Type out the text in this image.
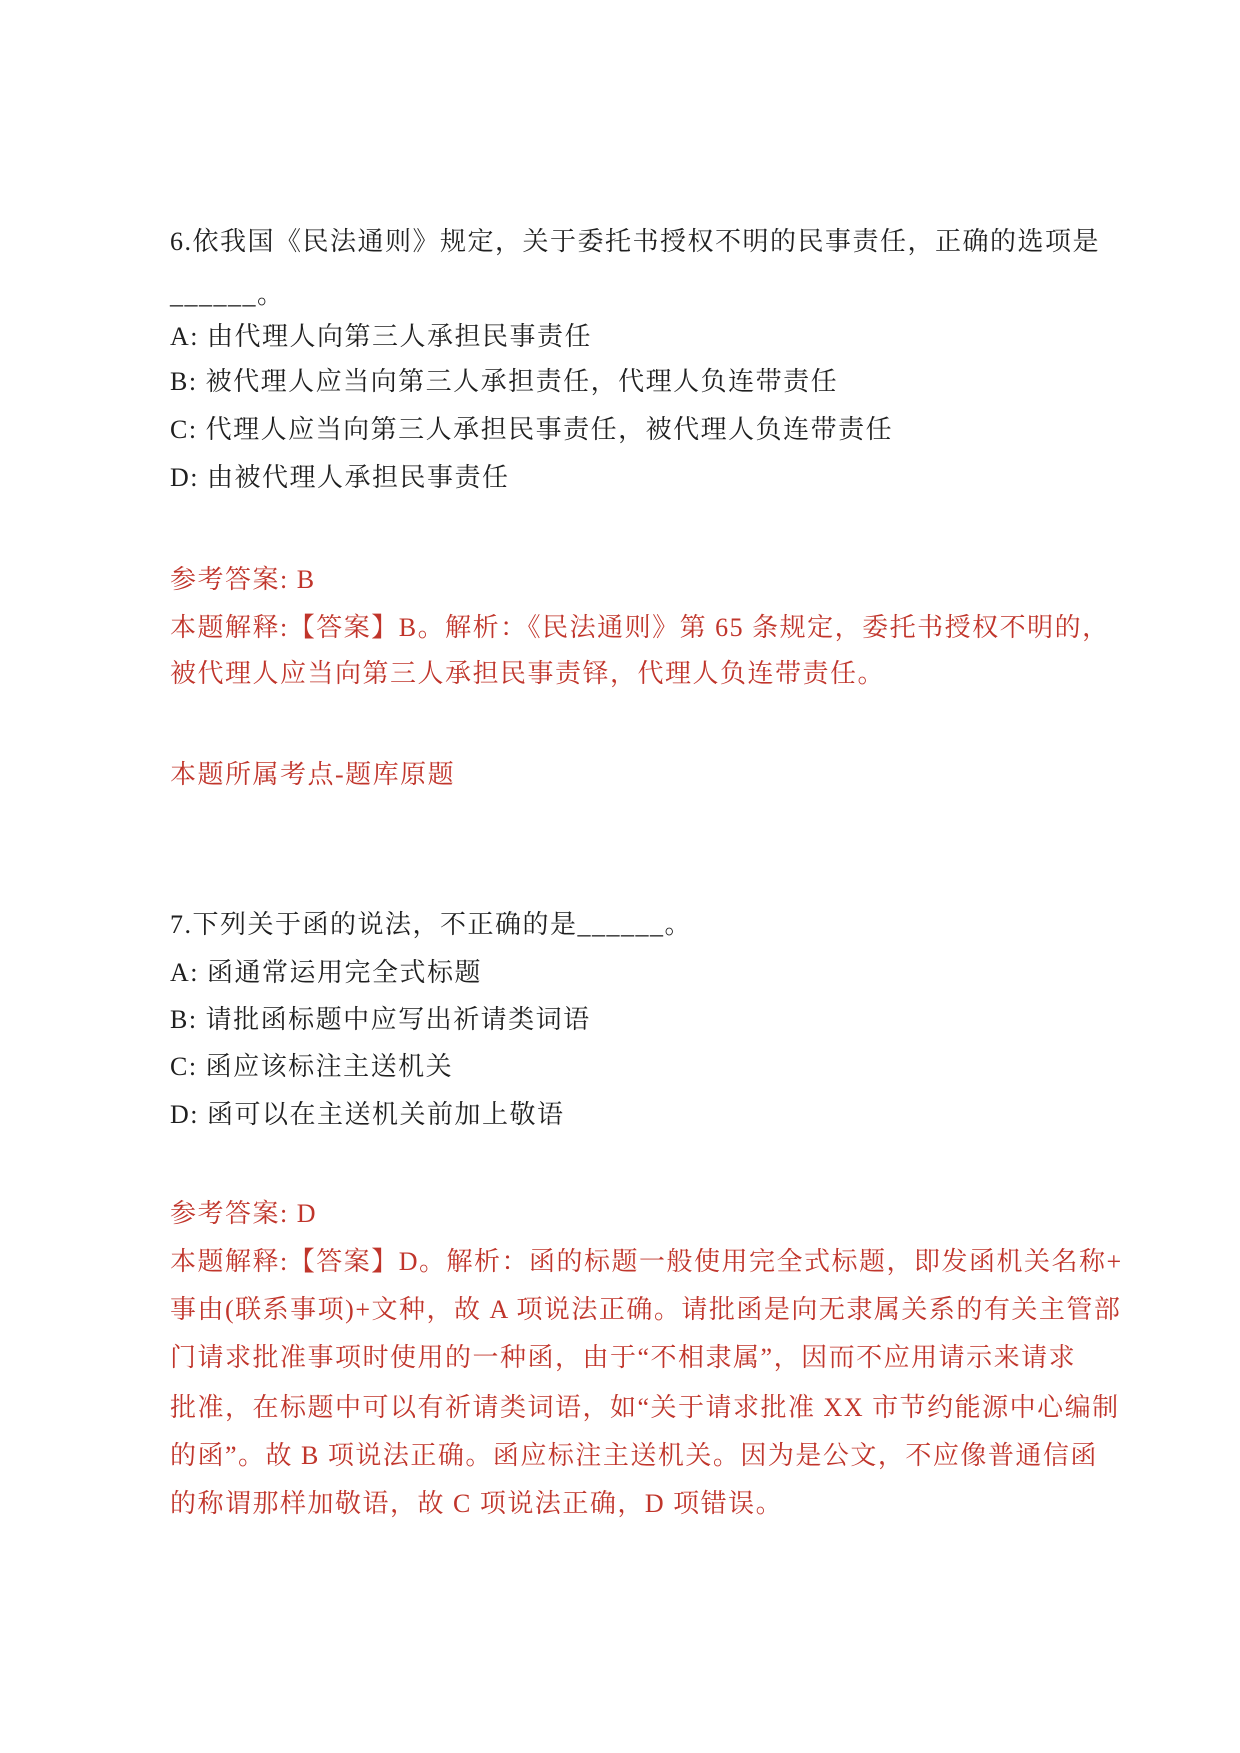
6.依我国《民法通则》规定，关于委托书授权不明的民事责任，正确的选项是
______。
A: 由代理人向第三人承担民事责任
B: 被代理人应当向第三人承担责任，代理人负连带责任
C: 代理人应当向第三人承担民事责任，被代理人负连带责任
D: 由被代理人承担民事责任
参考答案: B
本题解释:【答案】B。解析：《民法通则》第 65 条规定，委托书授权不明的，
被代理人应当向第三人承担民事责铎，代理人负连带责任。
本题所属考点-题库原题
7.下列关于函的说法，不正确的是______。
A: 函通常运用完全式标题
B: 请批函标题中应写出祈请类词语
C: 函应该标注主送机关
D: 函可以在主送机关前加上敬语
参考答案: D
本题解释:【答案】D。解析：函的标题一般使用完全式标题，即发函机关名称+
事由(联系事项)+文种，故 A 项说法正确。请批函是向无隶属关系的有关主管部
门请求批准事项时使用的一种函，由于“不相隶属”，因而不应用请示来请求
批准，在标题中可以有祈请类词语，如“关于请求批准 XX 市节约能源中心编制
的函”。故 B 项说法正确。函应标注主送机关。因为是公文，不应像普通信函
的称谓那样加敬语，故 C 项说法正确，D 项错误。
